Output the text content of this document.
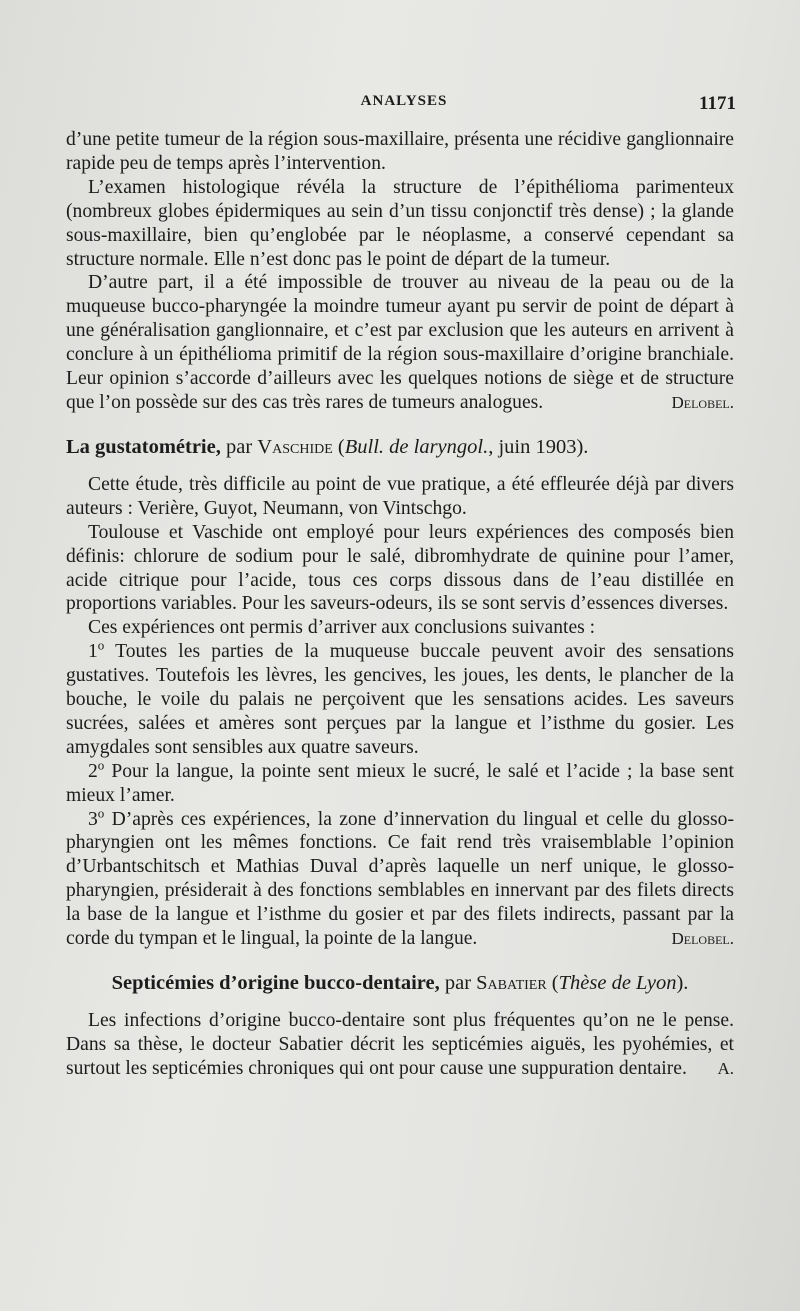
ANALYSES	1171

d’une petite tumeur de la région sous-maxillaire, présenta une récidive ganglionnaire rapide peu de temps après l’intervention.

L’examen histologique révéla la structure de l’épithélioma parimenteux (nombreux globes épidermiques au sein d’un tissu conjonctif très dense) ; la glande sous-maxillaire, bien qu’englobée par le néoplasme, a conservé cependant sa structure normale. Elle n’est donc pas le point de départ de la tumeur.

D’autre part, il a été impossible de trouver au niveau de la peau ou de la muqueuse bucco-pharyngée la moindre tumeur ayant pu servir de point de départ à une généralisation ganglionnaire, et c’est par exclusion que les auteurs en arrivent à conclure à un épithélioma primitif de la région sous-maxillaire d’origine branchiale. Leur opinion s’accorde d’ailleurs avec les quelques notions de siège et de structure que l’on possède sur des cas très rares de tumeurs analogues.	Delobel.
La gustatométrie, par Vaschide (Bull. de laryngol., juin 1903).

Cette étude, très difficile au point de vue pratique, a été effleurée déjà par divers auteurs : Verière, Guyot, Neumann, von Vintschgo.

Toulouse et Vaschide ont employé pour leurs expériences des composés bien définis: chlorure de sodium pour le salé, dibromhydrate de quinine pour l’amer, acide citrique pour l’acide, tous ces corps dissous dans de l’eau distillée en proportions variables. Pour les saveurs-odeurs, ils se sont servis d’essences diverses.

Ces expériences ont permis d’arriver aux conclusions suivantes :

1$^o$ Toutes les parties de la muqueuse buccale peuvent avoir des sensations gustatives. Toutefois les lèvres, les gencives, les joues, les dents, le plancher de la bouche, le voile du palais ne perçoivent que les sensations acides. Les saveurs sucrées, salées et amères sont perçues par la langue et l’isthme du gosier. Les amygdales sont sensibles aux quatre saveurs.

2$^o$ Pour la langue, la pointe sent mieux le sucré, le salé et l’acide ; la base sent mieux l’amer.

3$^o$ D’après ces expériences, la zone d’innervation du lingual et celle du glosso-pharyngien ont les mêmes fonctions. Ce fait rend très vraisemblable l’opinion d’Urbantschitsch et Mathias Duval d’après laquelle un nerf unique, le glosso-pharyngien, présiderait à des fonctions semblables en innervant par des filets directs la base de la langue et l’isthme du gosier et par des filets indirects, passant par la corde du tympan et le lingual, la pointe de la langue.	Delobel.
Septicémies d’origine bucco-dentaire, par Sabatier (Thèse de Lyon).

Les infections d’origine bucco-dentaire sont plus fréquentes qu’on ne le pense. Dans sa thèse, le docteur Sabatier décrit les septicémies aiguës, les pyohémies, et surtout les septicémies chroniques qui ont pour cause une suppuration dentaire.	A.
